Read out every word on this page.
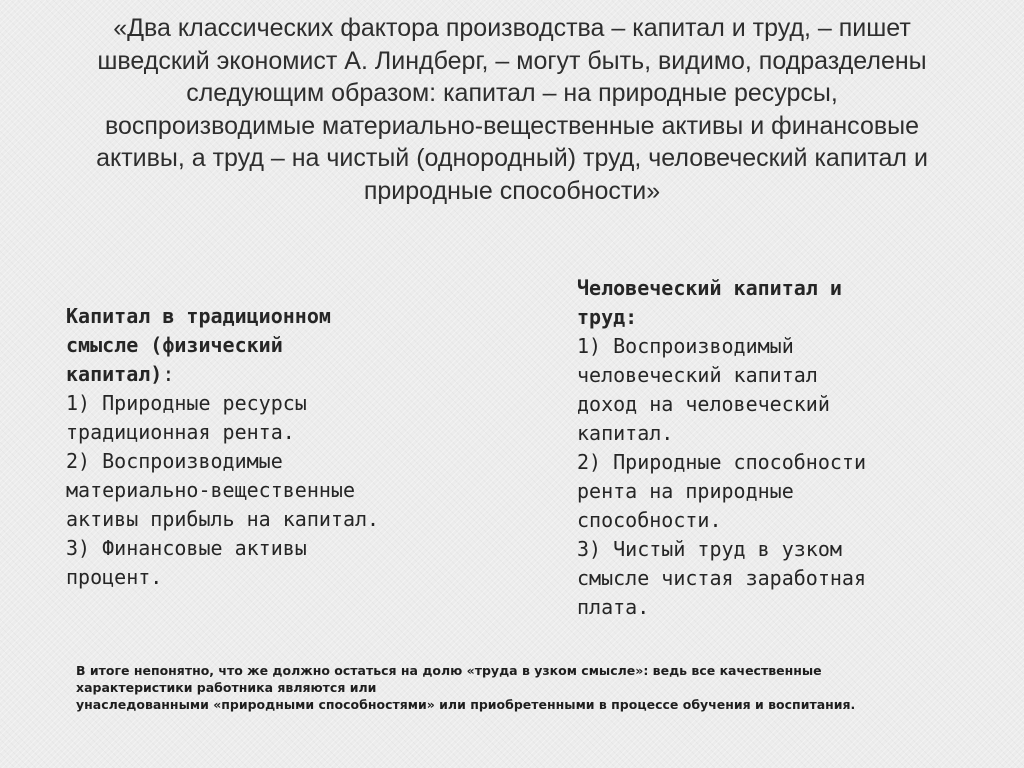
«Два классических фактора производства – капитал и труд, – пишет
шведский экономист А. Линдберг, – могут быть, видимо, подразделены
следующим образом: капитал – на природные ресурсы,
воспроизводимые материально-вещественные активы и финансовые
активы, а труд – на чистый (однородный) труд, человеческий капитал и
природные способности»

Капитал в традиционном
смысле (физический
капитал):
1) Природные ресурсы
традиционная рента.
2) Воспроизводимые
материально-вещественные
активы прибыль на капитал.
3) Финансовые активы
процент.
Человеческий капитал и
труд:
1) Воспроизводимый
человеческий капитал
доход на человеческий
капитал.
2) Природные способности
рента на природные
способности.
3) Чистый труд в узком
смысле чистая заработная
плата.

В итоге непонятно, что же должно остаться на долю «труда в узком смысле»: ведь все качественные
характеристики работника являются или
унаследованными «природными способностями» или приобретенными в процессе обучения и воспитания.
